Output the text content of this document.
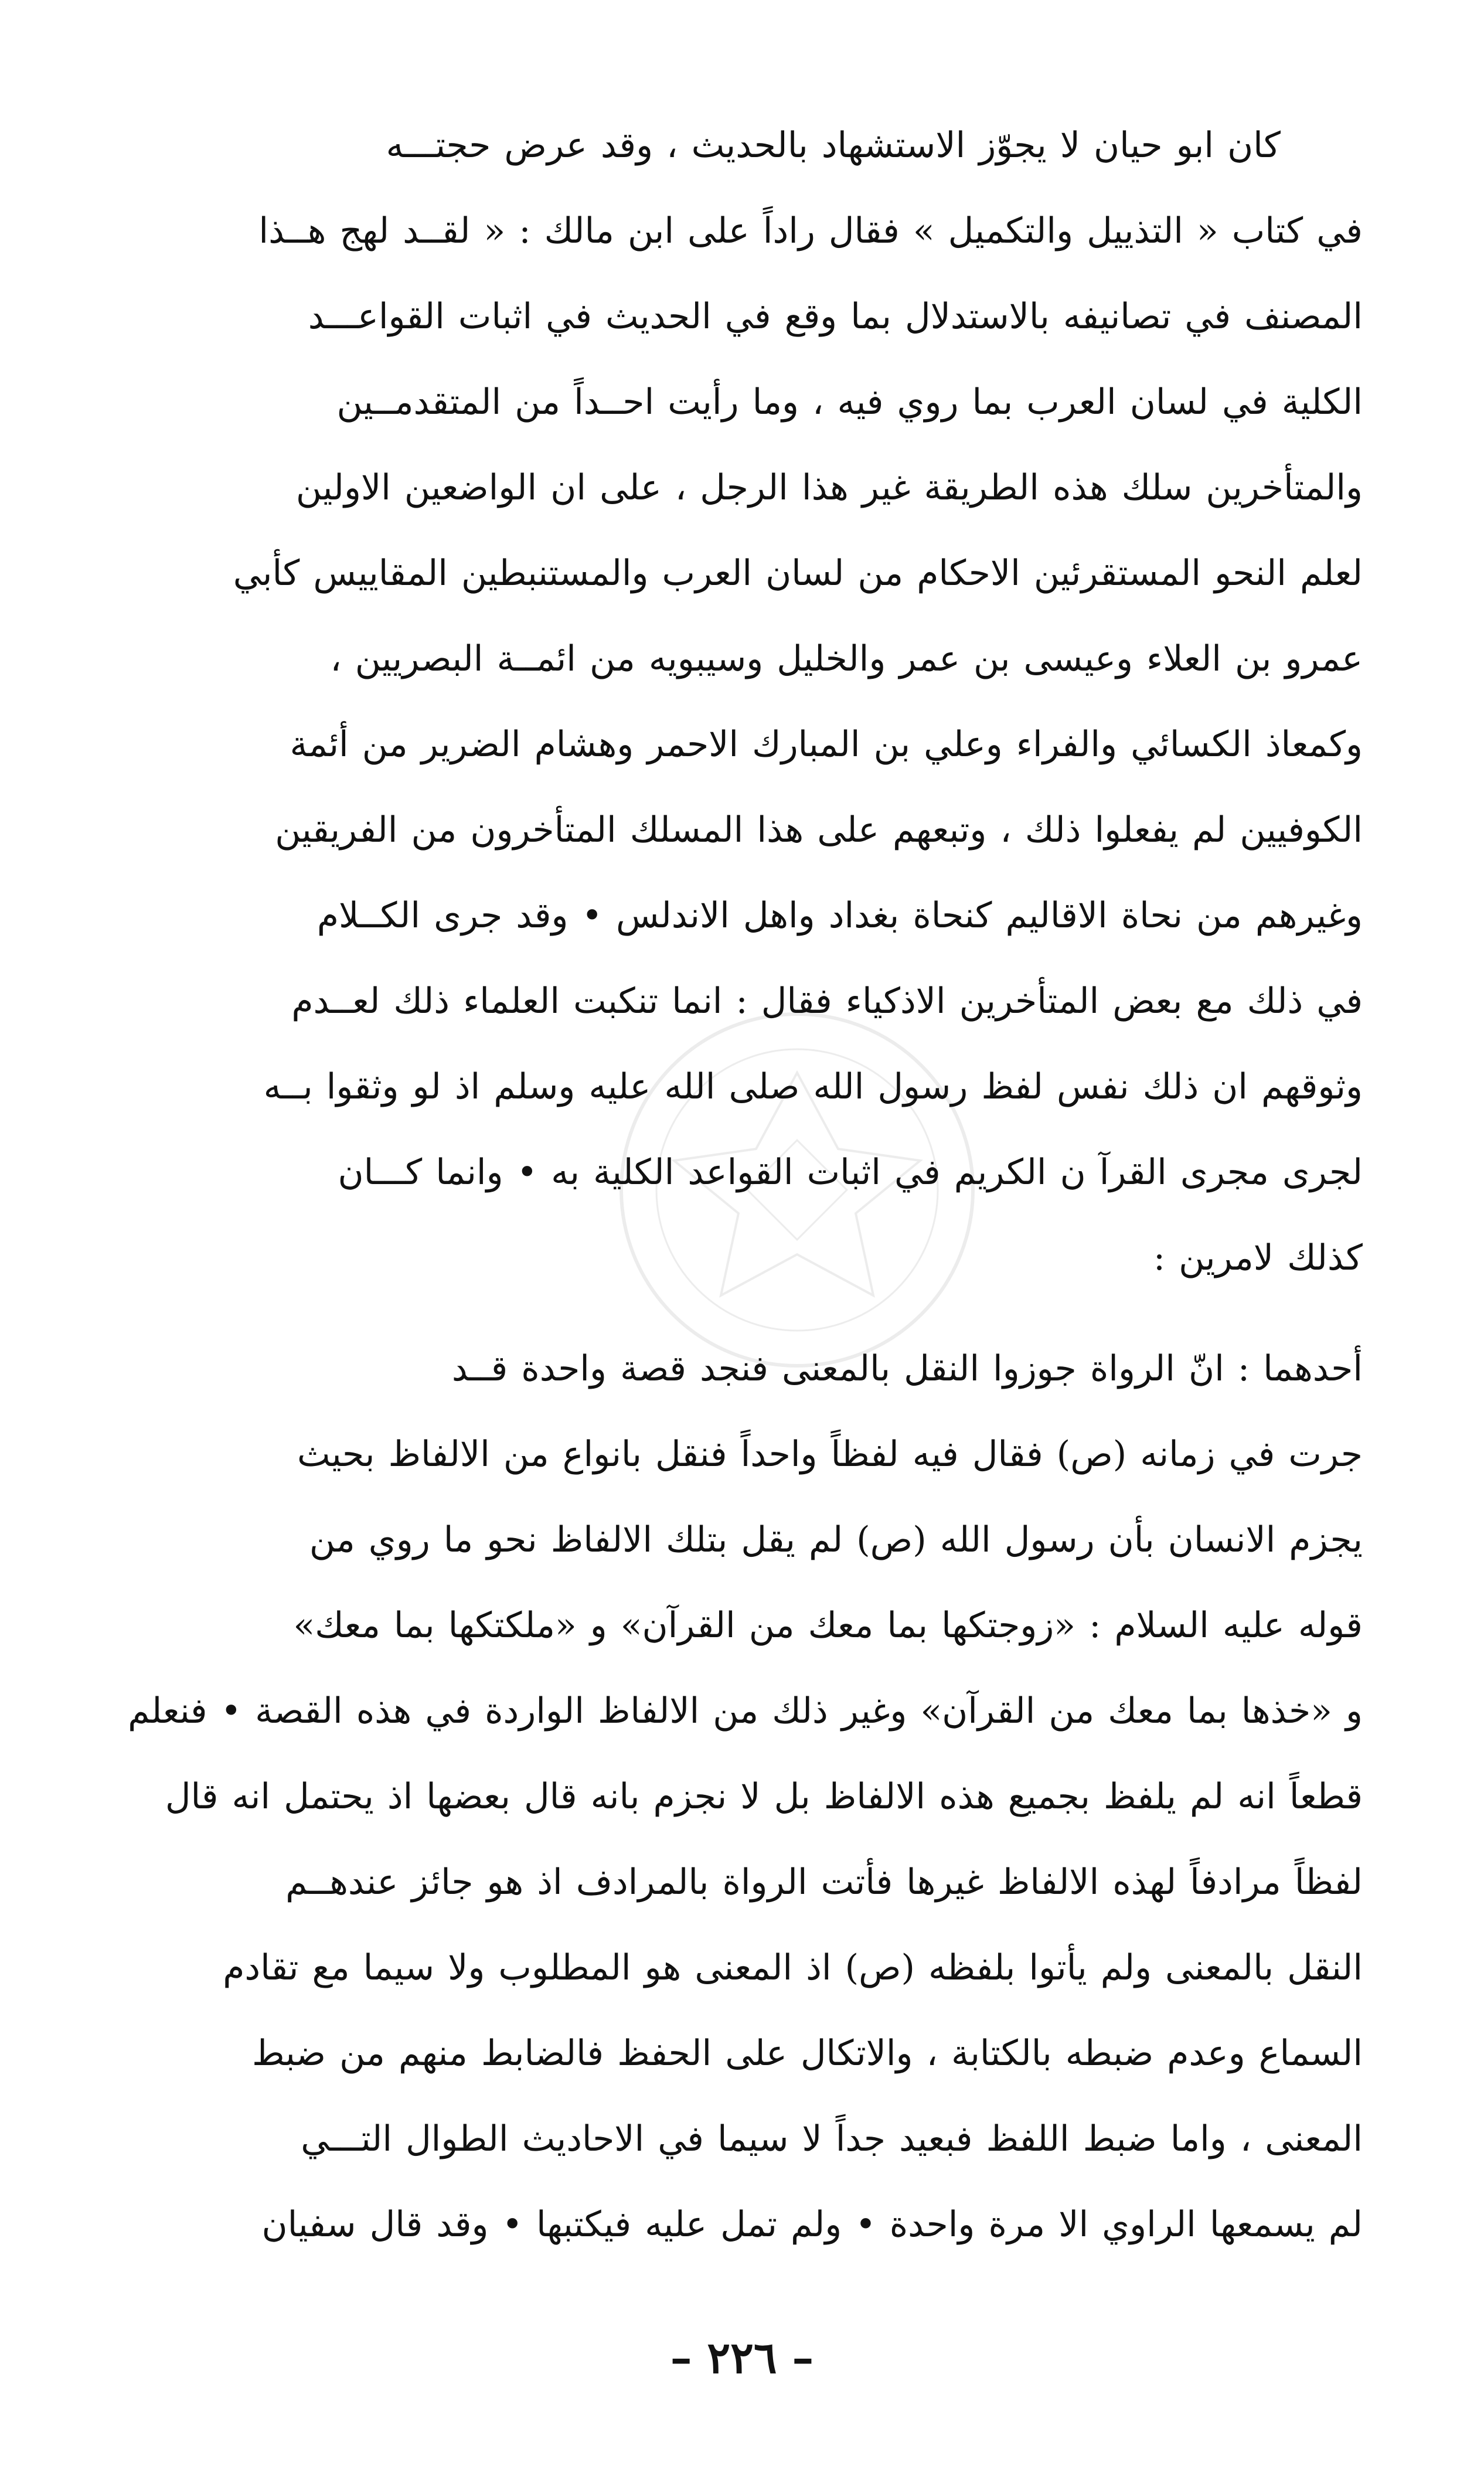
كان ابو حيان لا يجوّز الاستشهاد بالحديث ، وقد عرض حجتـــه
في كتاب « التذييل والتكميل » فقال راداً على ابن مالك : « لقــد لهج هــذا
المصنف في تصانيفه بالاستدلال بما وقع في الحديث في اثبات القواعـــد
الكلية في لسان العرب بما روي فيه ، وما رأيت احــداً من المتقدمــين
والمتأخرين سلك هذه الطريقة غير هذا الرجل ، على ان الواضعين الاولين
لعلم النحو المستقرئين الاحكام من لسان العرب والمستنبطين المقاييس كأبي
عمرو بن العلاء وعيسى بن عمر والخليل وسيبويه من ائمــة البصريين ،
وكمعاذ الكسائي والفراء وعلي بن المبارك الاحمر وهشام الضرير من أئمة
الكوفيين لم يفعلوا ذلك ، وتبعهم على هذا المسلك المتأخرون من الفريقين
وغيرهم من نحاة الاقاليم كنحاة بغداد واهل الاندلس • وقد جرى الكــلام
في ذلك مع بعض المتأخرين الاذكياء فقال : انما تنكبت العلماء ذلك لعــدم
وثوقهم ان ذلك نفس لفظ رسول الله صلى الله عليه وسلم اذ لو وثقوا بــه
لجرى مجرى القرآ ن الكريم في اثبات القواعد الكلية به • وانما كـــان
كذلك لامرين :
أحدهما : انّ الرواة جوزوا النقل بالمعنى فنجد قصة واحدة قــد
جرت في زمانه (ص) فقال فيه لفظاً واحداً فنقل بانواع من الالفاظ بحيث
يجزم الانسان بأن رسول الله (ص) لم يقل بتلك الالفاظ نحو ما روي من
قوله عليه السلام : «زوجتكها بما معك من القرآن» و «ملكتكها بما معك»
و «خذها بما معك من القرآن» وغير ذلك من الالفاظ الواردة في هذه القصة • فنعلم
قطعاً انه لم يلفظ بجميع هذه الالفاظ بل لا نجزم بانه قال بعضها اذ يحتمل انه قال
لفظاً مرادفاً لهذه الالفاظ غيرها فأتت الرواة بالمرادف اذ هو جائز عندهــم
النقل بالمعنى ولم يأتوا بلفظه (ص) اذ المعنى هو المطلوب ولا سيما مع تقادم
السماع وعدم ضبطه بالكتابة ، والاتكال على الحفظ فالضابط منهم من ضبط
المعنى ، واما ضبط اللفظ فبعيد جداً لا سيما في الاحاديث الطوال التـــي
لم يسمعها الراوي الا مرة واحدة • ولم تمل عليه فيكتبها • وقد قال سفيان
– ٢٢٦ –
